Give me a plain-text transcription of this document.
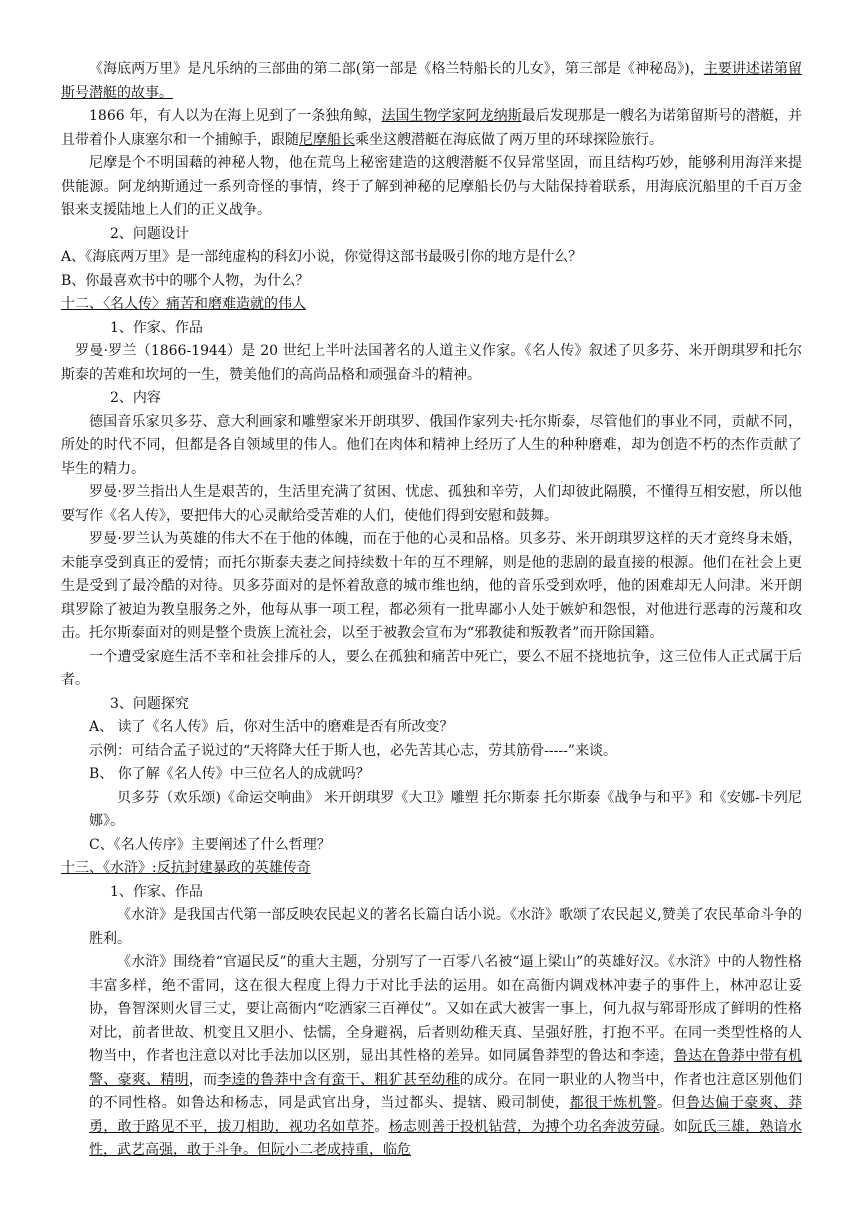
《海底两万里》是凡乐纳的三部曲的第二部(第一部是《格兰特船长的儿女》，第三部是《神秘岛》)，主要讲述诺第留斯号潜艇的故事。

1866 年，有人以为在海上见到了一条独角鲸，法国生物学家阿龙纳斯最后发现那是一艘名为诺第留斯号的潜艇，并且带着仆人康塞尔和一个捕鲸手，跟随尼摩船长乘坐这艘潜艇在海底做了两万里的环球探险旅行。

尼摩是个不明国藉的神秘人物，他在荒鸟上秘密建造的这艘潜艇不仅异常坚固，而且结构巧妙，能够利用海洋来提供能源。阿龙纳斯通过一系列奇怪的事情，终于了解到神秘的尼摩船长仍与大陆保持着联系，用海底沉船里的千百万金银来支援陆地上人们的正义战争。

2、问题设计

A、《海底两万里》是一部纯虚构的科幻小说，你觉得这部书最吸引你的地方是什么？

B、你最喜欢书中的哪个人物，为什么？

十二、〈名人传〉痛苦和磨难造就的伟人

1、作家、作品

罗曼·罗兰（1866-1944）是 20 世纪上半叶法国著名的人道主义作家。《名人传》叙述了贝多芬、米开朗琪罗和托尔斯泰的苦难和坎坷的一生，赞美他们的高尚品格和顽强奋斗的精神。

2、内容

德国音乐家贝多芬、意大利画家和雕塑家米开朗琪罗、俄国作家列夫·托尔斯泰，尽管他们的事业不同，贡献不同，所处的时代不同，但都是各自领域里的伟人。他们在肉体和精神上经历了人生的种种磨难，却为创造不朽的杰作贡献了毕生的精力。

罗曼·罗兰指出人生是艰苦的，生活里充满了贫困、忧虑、孤独和辛劳，人们却彼此隔膜，不懂得互相安慰，所以他要写作《名人传》，要把伟大的心灵献给受苦难的人们，使他们得到安慰和鼓舞。

罗曼·罗兰认为英雄的伟大不在于他的体魄，而在于他的心灵和品格。贝多芬、米开朗琪罗这样的天才竟终身未婚，未能享受到真正的爱情；而托尔斯泰夫妻之间持续数十年的互不理解，则是他的悲剧的最直接的根源。他们在社会上更生是受到了最冷酷的对待。贝多芬面对的是怀着敌意的城市维也纳，他的音乐受到欢呼，他的困难却无人问津。米开朗琪罗除了被迫为教皇服务之外，他每从事一项工程，都必须有一批卑鄙小人处于嫉妒和怨恨，对他进行恶毒的污蔑和攻击。托尔斯泰面对的则是整个贵族上流社会，以至于被教会宣布为“邪教徒和叛教者”而开除国籍。

一个遭受家庭生活不幸和社会排斥的人，要么在孤独和痛苦中死亡，要么不屈不挠地抗争，这三位伟人正式属于后者。

3、问题探究

A、 读了《名人传》后，你对生活中的磨难是否有所改变？

示例：可结合孟子说过的“天将降大任于斯人也，必先苦其心志，劳其筋骨-----”来谈。

B、 你了解《名人传》中三位名人的成就吗？

贝多芬（欢乐颂)《命运交响曲》 米开朗琪罗《大卫》雕塑 托尔斯泰 托尔斯泰《战争与和平》和《安娜-卡列尼娜》。

C、《名人传序》主要阐述了什么哲理？

十三、《水浒》:反抗封建暴政的英雄传奇

1、作家、作品

《水浒》是我国古代第一部反映农民起义的著名长篇白话小说。《水浒》歌颂了农民起义,赞美了农民革命斗争的胜利。

《水浒》围绕着“官逼民反”的重大主题，分别写了一百零八名被“逼上梁山”的英雄好汉。《水浒》中的人物性格丰富多样，绝不雷同，这在很大程度上得力于对比手法的运用。如在高衙内调戏林冲妻子的事件上，林冲忍让妥协，鲁智深则火冒三丈，要让高衙内“吃洒家三百禅仗”。又如在武大被害一事上，何九叔与郓哥形成了鲜明的性格对比，前者世故、机变且又胆小、怯懦，全身避祸，后者则幼稚天真、呈强好胜，打抱不平。在同一类型性格的人物当中，作者也注意以对比手法加以区别，显出其性格的差异。如同属鲁莽型的鲁达和李逵，鲁达在鲁莽中带有机警、豪爽、精明，而李逵的鲁莽中含有蛮干、粗犷甚至幼稚的成分。在同一职业的人物当中，作者也注意区别他们的不同性格。如鲁达和杨志，同是武官出身，当过都头、提辖、殿司制使，都很干炼机警。但鲁达偏于豪爽、莽勇，敢于路见不平，拔刀相助，视功名如草芥。杨志则善于投机钻营，为搏个功名奔波劳碌。如阮氏三雄，熟谙水性，武艺高强，敢于斗争。但阮小二老成持重，临危
